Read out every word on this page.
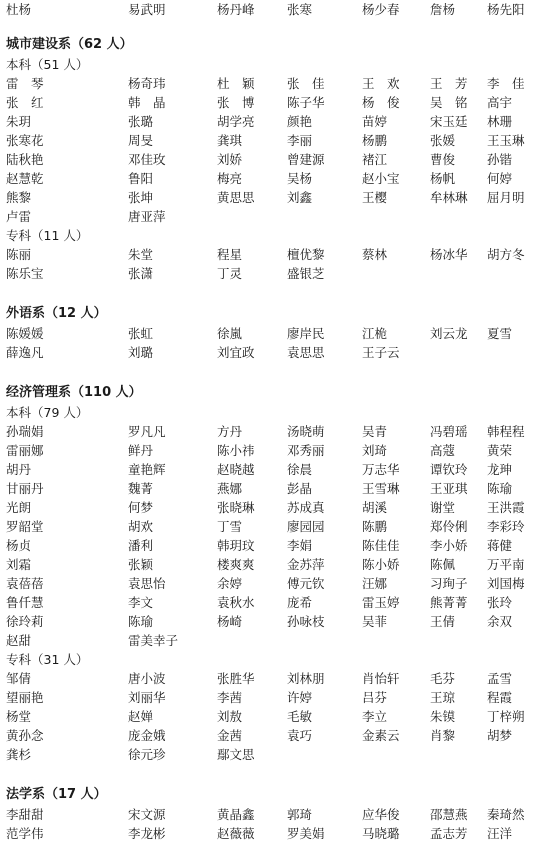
杜杨	易武明	杨丹峰	张寒	杨少春	詹杨	杨先阳
城市建设系（62 人）
本科（51 人）
雷　琴	杨奇玮	杜　颖	张　佳	王　欢	王　芳	李　佳
张　红	韩　晶	张　博	陈子华	杨　俊	吴　铭	高宇
朱玥	张璐	胡学亮	颜艳	苗婷	宋玉廷	林珊
张寒花	周旻	龚琪	李丽	杨鹏	张媛	王玉琳
陆秋艳	邓佳玫	刘娇	曾建源	褚江	曹俊	孙锴
赵慧乾	鲁阳	梅亮	吴杨	赵小宝	杨帆	何婷
熊黎	张坤	黄思思	刘鑫	王樱	牟林琳	屈月明
卢雷	唐亚萍
专科（11 人）
陈丽	朱堂	程星	檀优黎	蔡林	杨冰华	胡方冬
陈乐宝	张潇	丁灵	盛银芝
外语系（12 人）
陈媛媛	张虹	徐嵐	廖岸民	江桅	刘云龙	夏雪
薛逸凡	刘璐	刘宜政	袁思思	王子云
经济管理系（110 人）
本科（79 人）
孙瑞娟	罗凡凡	方丹	汤晓萌	吴青	冯碧瑶	韩程程
雷丽娜	鲜丹	陈小祎	邓秀丽	刘琦	高蔻	黄荣
胡丹	童艳辉	赵晓越	徐晨	万志华	谭钦玲	龙珅
甘丽丹	魏菁	燕娜	彭晶	王雪琳	王亚琪	陈瑜
光朗	何梦	张晓琳	苏成真	胡溪	谢堂	王洪霞
罗韶堂	胡欢	丁雪	廖园园	陈鹏	郑伶俐	李彩玲
杨贞	潘利	韩玥玟	李娟	陈佳佳	李小娇	蒋健
刘霜	张颖	楼爽爽	金苏萍	陈小娇	陈佩	万平南
袁蓓蓓	袁思怡	余婷	傅元钦	汪娜	习珣子	刘国梅
鲁仟慧	李文	袁秋水	庞希	雷玉婷	熊菁菁	张玲
徐玲莉	陈瑜	杨崎	孙咏枝	吴菲	王倩	余双
赵甜	雷美幸子
专科（31 人）
邹倩	唐小波	张胜华	刘林朋	肖怡轩	毛芬	孟雪
望丽艳	刘丽华	李茜	许婷	吕芬	王琼	程霞
杨堂	赵婵	刘敖	毛敏	李立	朱镆	丁梓朔
黄孙念	庞金娥	金茜	袁巧	金素云	肖黎	胡梦
龚杉	徐元珍	鄢文思
法学系（17 人）
李甜甜	宋文源	黄晶鑫	郭琦	应华俊	邵慧燕	秦琦然
范学伟	李龙彬	赵薇薇	罗美娟	马晓璐	孟志芳	汪洋
